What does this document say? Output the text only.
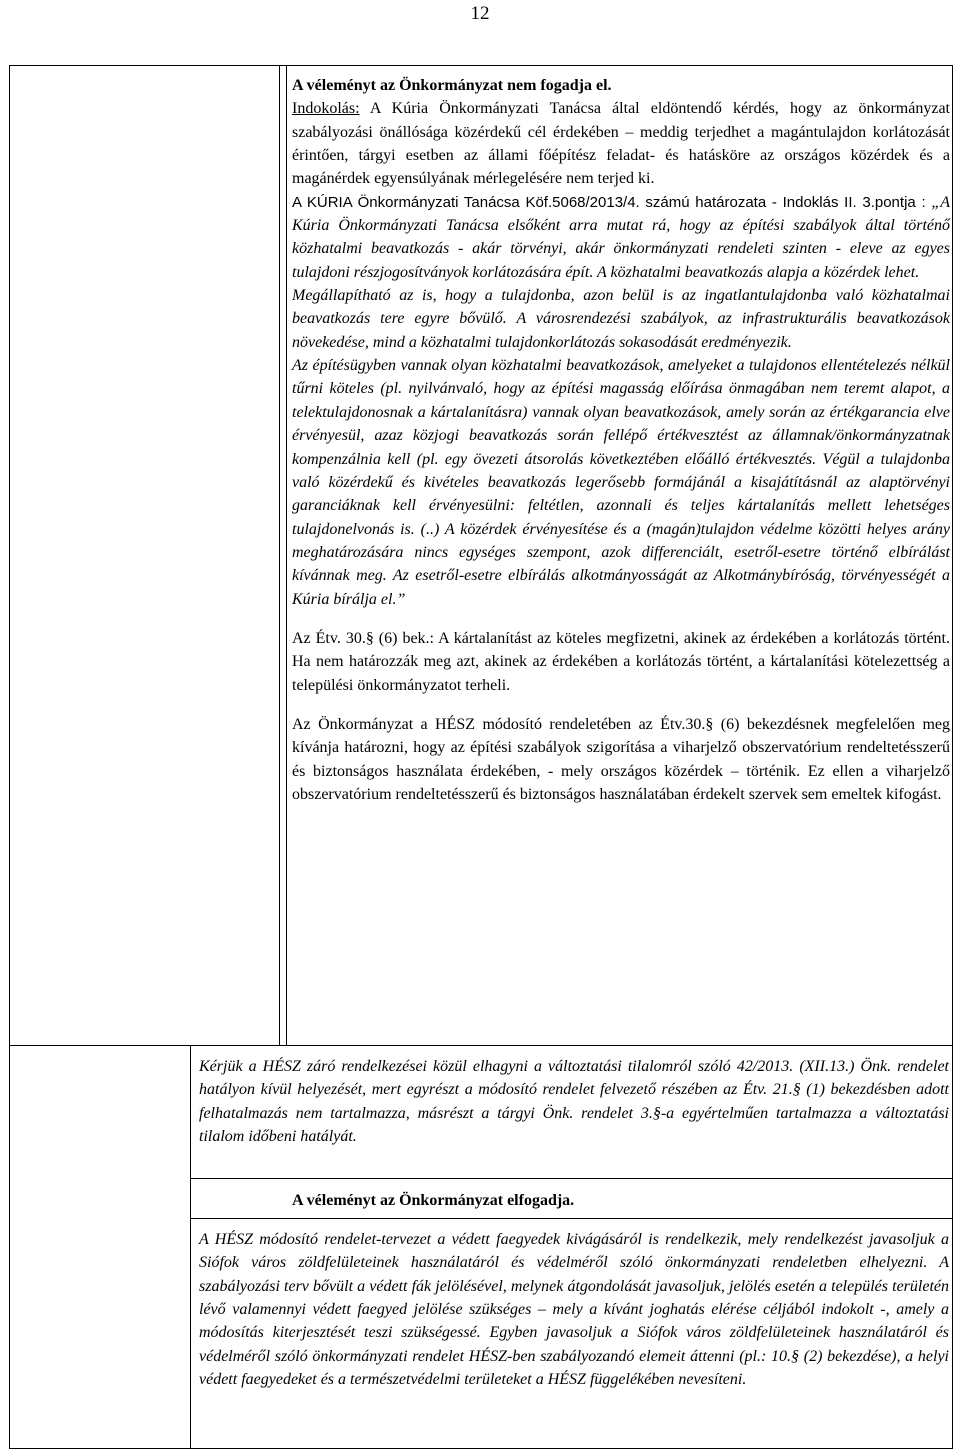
12

A véleményt az Önkormányzat nem fogadja el.

Indokolás: A Kúria Önkormányzati Tanácsa által eldöntendő kérdés, hogy az önkormányzat szabályozási önállósága közérdekű cél érdekében – meddig terjedhet a magántulajdon korlátozását érintően, tárgyi esetben az állami főépítész feladat- és hatásköre az országos közérdek és a magánérdek egyensúlyának mérlegelésére nem terjed ki.

A KÚRIA Önkormányzati Tanácsa Köf.5068/2013/4. számú határozata - Indoklás II. 3.pontja : „A Kúria Önkormányzati Tanácsa elsőként arra mutat rá, hogy az építési szabályok által történő közhatalmi beavatkozás - akár törvényi, akár önkormányzati rendeleti szinten - eleve az egyes tulajdoni részjogosítványok korlátozására épít. A közhatalmi beavatkozás alapja a közérdek lehet.

Megállapítható az is, hogy a tulajdonba, azon belül is az ingatlantulajdonba való közhatalmai beavatkozás tere egyre bővülő. A városrendezési szabályok, az infrastrukturális beavatkozások növekedése, mind a közhatalmi tulajdonkorlátozás sokasodását eredményezik.

Az építésügyben vannak olyan közhatalmi beavatkozások, amelyeket a tulajdonos ellentételezés nélkül tűrni köteles (pl. nyilvánvaló, hogy az építési magasság előírása önmagában nem teremt alapot, a telektulajdonosnak a kártalanításra) vannak olyan beavatkozások, amely során az értékgarancia elve érvényesül, azaz közjogi beavatkozás során fellépő értékvesztést az államnak/önkormányzatnak kompenzálnia kell (pl. egy övezeti átsorolás következtében előálló értékvesztés. Végül a tulajdonba való közérdekű és kivételes beavatkozás legerősebb formájánál a kisajátításnál az alaptörvényi garanciáknak kell érvényesülni: feltétlen, azonnali és teljes kártalanítás mellett lehetséges tulajdonelvonás is. (..) A közérdek érvényesítése és a (magán)tulajdon védelme közötti helyes arány meghatározására nincs egységes szempont, azok differenciált, esetről-esetre történő elbírálást kívánnak meg. Az esetről-esetre elbírálás alkotmányosságát az Alkotmánybíróság, törvényességét a Kúria bírálja el.”

Az Étv. 30.§ (6) bek.: A kártalanítást az köteles megfizetni, akinek az érdekében a korlátozás történt. Ha nem határozzák meg azt, akinek az érdekében a korlátozás történt, a kártalanítási kötelezettség a települési önkormányzatot terheli.

Az Önkormányzat a HÉSZ módosító rendeletében az Étv.30.§ (6) bekezdésnek megfelelően meg kívánja határozni, hogy az építési szabályok szigorítása a viharjelző obszervatórium rendeltetésszerű és biztonságos használata érdekében, - mely országos közérdek – történik. Ez ellen a viharjelző obszervatórium rendeltetésszerű és biztonságos használatában érdekelt szervek sem emeltek kifogást.

Kérjük a HÉSZ záró rendelkezései közül elhagyni a változtatási tilalomról szóló 42/2013. (XII.13.) Önk. rendelet hatályon kívül helyezését, mert egyrészt a módosító rendelet felvezető részében az Étv. 21.§ (1) bekezdésben adott felhatalmazás nem tartalmazza, másrészt a tárgyi Önk. rendelet 3.§-a egyértelműen tartalmazza a változtatási tilalom időbeni hatályát.
A véleményt az Önkormányzat elfogadja.
A HÉSZ módosító rendelet-tervezet a védett faegyedek kivágásáról is rendelkezik, mely rendelkezést javasoljuk a Siófok város zöldfelületeinek használatáról és védelméről szóló önkormányzati rendeletben elhelyezni. A szabályozási terv bővült a védett fák jelölésével, melynek átgondolását javasoljuk, jelölés esetén a település területén lévő valamennyi védett faegyed jelölése szükséges – mely a kívánt joghatás elérése céljából indokolt -, amely a módosítás kiterjesztését teszi szükségessé. Egyben javasoljuk a Siófok város zöldfelületeinek használatáról és védelméről szóló önkormányzati rendelet HÉSZ-ben szabályozandó elemeit áttenni (pl.: 10.§ (2) bekezdése), a helyi védett faegyedeket és a természetvédelmi területeket a HÉSZ függelékében nevesíteni.
